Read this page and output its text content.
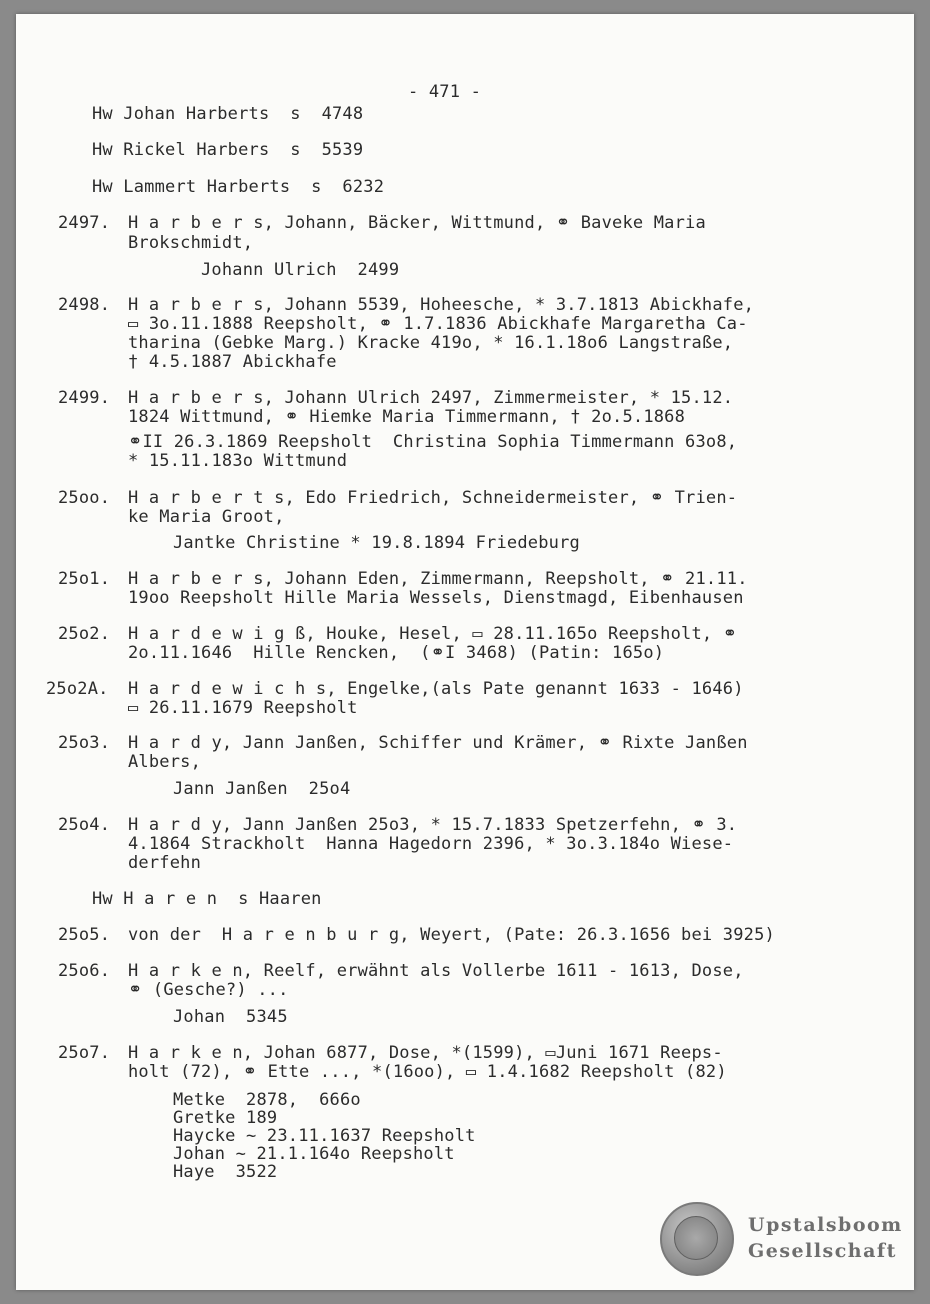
- 471 -
Hw Johan Harberts  s  4748
Hw Rickel Harbers  s  5539
Hw Lammert Harberts  s  6232
2497. H a r b e r s, Johann, Bäcker, Wittmund, ⚭ Baveke Maria
Brokschmidt,
Johann Ulrich  2499
2498. H a r b e r s, Johann 5539, Hoheesche, * 3.7.1813 Abickhafe,
▭ 3o.11.1888 Reepsholt, ⚭ 1.7.1836 Abickhafe Margaretha Ca-
tharina (Gebke Marg.) Kracke 419o, * 16.1.18o6 Langstraße,
† 4.5.1887 Abickhafe
2499. H a r b e r s, Johann Ulrich 2497, Zimmermeister, * 15.12.
1824 Wittmund, ⚭ Hiemke Maria Timmermann, † 2o.5.1868
⚭II 26.3.1869 Reepsholt  Christina Sophia Timmermann 63o8,
* 15.11.183o Wittmund
25oo. H a r b e r t s, Edo Friedrich, Schneidermeister, ⚭ Trien-
ke Maria Groot,
Jantke Christine * 19.8.1894 Friedeburg
25o1. H a r b e r s, Johann Eden, Zimmermann, Reepsholt, ⚭ 21.11.
19oo Reepsholt Hille Maria Wessels, Dienstmagd, Eibenhausen
25o2. H a r d e w i g ß, Houke, Hesel, ▭ 28.11.165o Reepsholt, ⚭
2o.11.1646  Hille Rencken,  (⚭I 3468) (Patin: 165o)
25o2A. H a r d e w i c h s, Engelke,(als Pate genannt 1633 - 1646)
▭ 26.11.1679 Reepsholt
25o3. H a r d y, Jann Janßen, Schiffer und Krämer, ⚭ Rixte Janßen
Albers,
Jann Janßen  25o4
25o4. H a r d y, Jann Janßen 25o3, * 15.7.1833 Spetzerfehn, ⚭ 3.
4.1864 Strackholt  Hanna Hagedorn 2396, * 3o.3.184o Wiese-
derfehn
Hw H a r e n  s Haaren
25o5. von der  H a r e n b u r g, Weyert, (Pate: 26.3.1656 bei 3925)
25o6. H a r k e n, Reelf, erwähnt als Vollerbe 1611 - 1613, Dose,
⚭ (Gesche?) ...
Johan  5345
25o7. H a r k e n, Johan 6877, Dose, *(1599), ▭Juni 1671 Reeps-
holt (72), ⚭ Ette ..., *(16oo), ▭ 1.4.1682 Reepsholt (82)
Metke  2878,  666o
Gretke 189
Haycke ~ 23.11.1637 Reepsholt
Johan ~ 21.1.164o Reepsholt
Haye  3522
Upstalsboom
Gesellschaft
